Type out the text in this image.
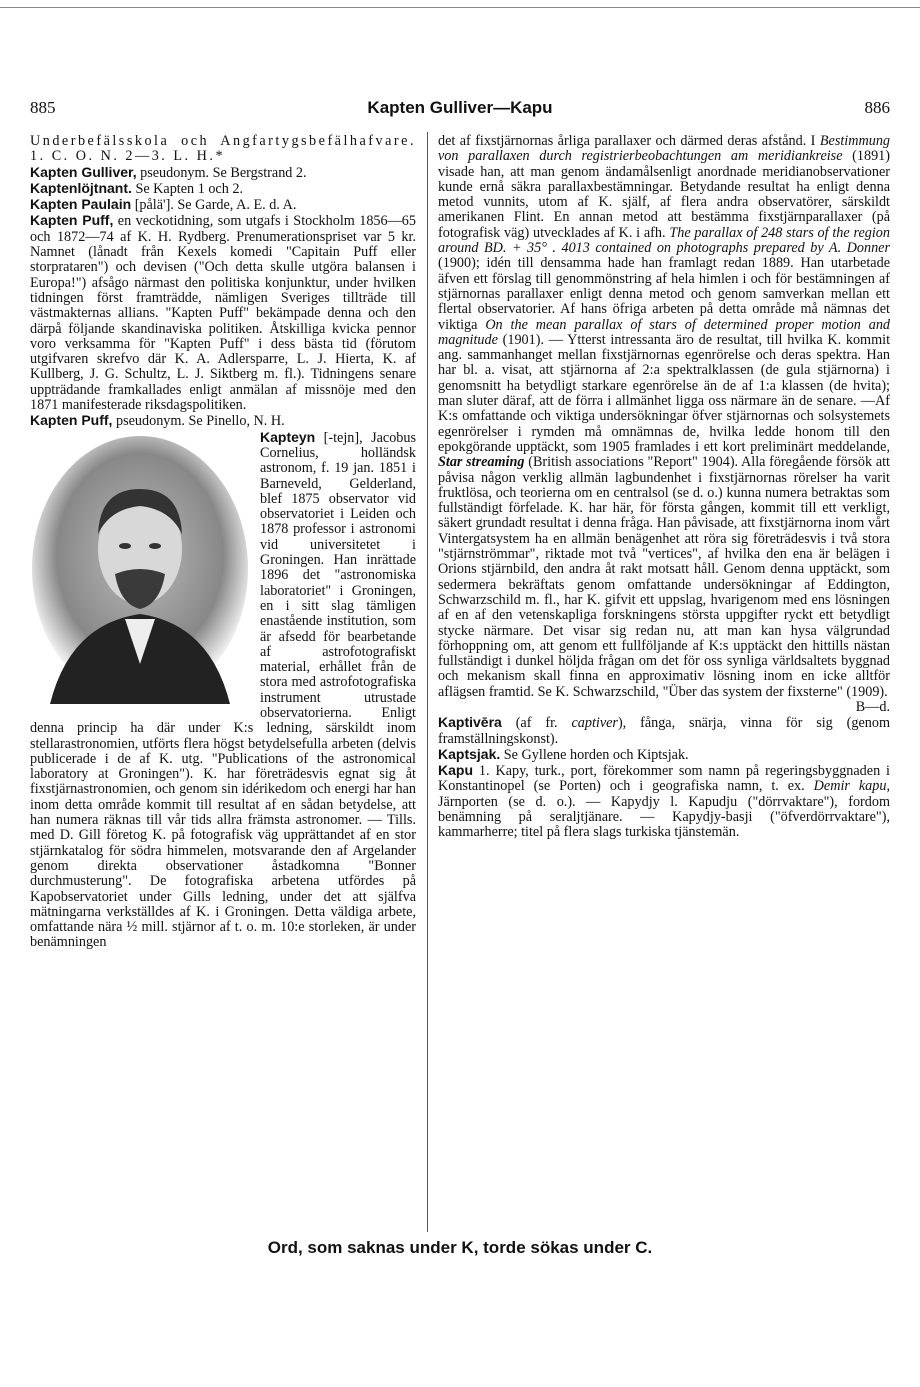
885	Kapten Gulliver—Kapu	886

Underbefälsskola och Angfartygsbefälhafvare. 1. C. O. N. 2—3. L. H.*

Kapten Gulliver, pseudonym. Se Bergstrand 2.

Kaptenlöjtnant. Se Kapten 1 och 2.

Kapten Paulain [pålä']. Se Garde, A. E. d. A.

Kapten Puff, en veckotidning, som utgafs i Stockholm 1856—65 och 1872—74 af K. H. Rydberg. Prenumerationspriset var 5 kr. Namnet (lånadt från Kexels komedi "Capitain Puff eller storprataren") och devisen ("Och detta skulle utgöra balansen i Europa!") afsågo närmast den politiska konjunktur, under hvilken tidningen först framträdde, nämligen Sveriges tillträde till västmakternas allians. "Kapten Puff" bekämpade denna och den därpå följande skandinaviska politiken. Åtskilliga kvicka pennor voro verksamma för "Kapten Puff" i dess bästa tid (förutom utgifvaren skrefvo där K. A. Adlersparre, L. J. Hierta, K. af Kullberg, J. G. Schultz, L. J. Siktberg m. fl.). Tidningens senare uppträdande framkallades enligt anmälan af missnöje med den 1871 manifesterade riksdagspolitiken.

Kapten Puff, pseudonym. Se Pinello, N. H.

Kapteyn [-tejn], Jacobus Cornelius, holländsk astronom, f. 19 jan. 1851 i Barneveld, Gelderland, blef 1875 observator vid observatoriet i Leiden och 1878 professor i astronomi vid universitetet i Groningen. Han inrättade 1896 det "astronomiska laboratoriet" i Groningen, en i sitt slag tämligen enastående institution, som är afsedd för bearbetande af astrofotografiskt material, erhållet från de stora med astrofotografiska instrument utrustade observatorierna. Enligt denna princip ha där under K:s ledning, särskildt inom stellarastronomien, utförts flera högst betydelsefulla arbeten (delvis publicerade i de af K. utg. "Publications of the astronomical laboratory at Groningen"). K. har företrädesvis egnat sig åt fixstjärnastronomien, och genom sin idérikedom och energi har han inom detta område kommit till resultat af en sådan betydelse, att han numera räknas till vår tids allra främsta astronomer. — Tills. med D. Gill företog K. på fotografisk väg upprättandet af en stor stjärnkatalog för södra himmelen, motsvarande den af Argelander genom direkta observationer åstadkomna "Bonner durchmusterung". De fotografiska arbetena utfördes på Kapobservatoriet under Gills ledning, under det att själfva mätningarna verkställdes af K. i Groningen. Detta väldiga arbete, omfattande nära ½ mill. stjärnor af t. o. m. 10:e storleken, är under benämningen

det af fixstjärnornas årliga parallaxer och därmed deras afstånd. I Bestimmung von parallaxen durch registrierbeobachtungen am meridiankreise (1891) visade han, att man genom ändamålsenligt anordnade meridianobservationer kunde ernå säkra parallaxbestämningar. Betydande resultat ha enligt denna metod vunnits, utom af K. själf, af flera andra observatörer, särskildt amerikanen Flint. En annan metod att bestämma fixstjärnparallaxer (på fotografisk väg) utvecklades af K. i afh. The parallax of 248 stars of the region around BD. + 35° . 4013 contained on photographs prepared by A. Donner (1900); idén till densamma hade han framlagt redan 1889. Han utarbetade äfven ett förslag till genommönstring af hela himlen i och för bestämningen af stjärnornas parallaxer enligt denna metod och genom samverkan mellan ett flertal observatorier. Af hans öfriga arbeten på detta område må nämnas det viktiga On the mean parallax of stars of determined proper motion and magnitude (1901). — Ytterst intressanta äro de resultat, till hvilka K. kommit ang. sammanhanget mellan fixstjärnornas egenrörelse och deras spektra. Han har bl. a. visat, att stjärnorna af 2:a spektralklassen (de gula stjärnorna) i genomsnitt ha betydligt starkare egenrörelse än de af 1:a klassen (de hvita); man sluter däraf, att de förra i allmänhet ligga oss närmare än de senare. —Af K:s omfattande och viktiga undersökningar öfver stjärnornas och solsystemets egenrörelser i rymden må omnämnas de, hvilka ledde honom till den epokgörande upptäckt, som 1905 framlades i ett kort preliminärt meddelande, Star streaming (British associations "Report" 1904). Alla föregående försök att påvisa någon verklig allmän lagbundenhet i fixstjärnornas rörelser ha varit fruktlösa, och teorierna om en centralsol (se d. o.) kunna numera betraktas som fullständigt förfelade. K. har här, för första gången, kommit till ett verkligt, säkert grundadt resultat i denna fråga. Han påvisade, att fixstjärnorna inom vårt Vintergatsystem ha en allmän benägenhet att röra sig företrädesvis i två stora "stjärnströmmar", riktade mot två "vertices", af hvilka den ena är belägen i Orions stjärnbild, den andra åt rakt motsatt håll. Genom denna upptäckt, som sedermera bekräftats genom omfattande undersökningar af Eddington, Schwarzschild m. fl., har K. gifvit ett uppslag, hvarigenom med ens lösningen af en af den vetenskapliga forskningens största uppgifter ryckt ett betydligt stycke närmare. Det visar sig redan nu, att man kan hysa välgrundad förhoppning om, att genom ett fullföljande af K:s upptäckt den hittills nästan fullständigt i dunkel höljda frågan om det för oss synliga världsaltets byggnad och mekanism skall finna en approximativ lösning inom en icke alltför aflägsen framtid. Se K. Schwarzschild, "Über das system der fixsterne" (1909).
B—d.

Kaptivēra (af fr. captiver), fånga, snärja, vinna för sig (genom framställningskonst).

Kaptsjak. Se Gyllene horden och Kiptsjak.

Kapu 1. Kapy, turk., port, förekommer som namn på regeringsbyggnaden i Konstantinopel (se Porten) och i geografiska namn, t. ex. Demir kapu, Järnporten (se d. o.). — Kapydjy l. Kapudju ("dörrvaktare"), fordom benämning på seraljtjänare. — Kapydjy-basji ("öfverdörrvaktare"), kammarherre; titel på flera slags turkiska tjänstemän.

Ord, som saknas under K, torde sökas under C.
